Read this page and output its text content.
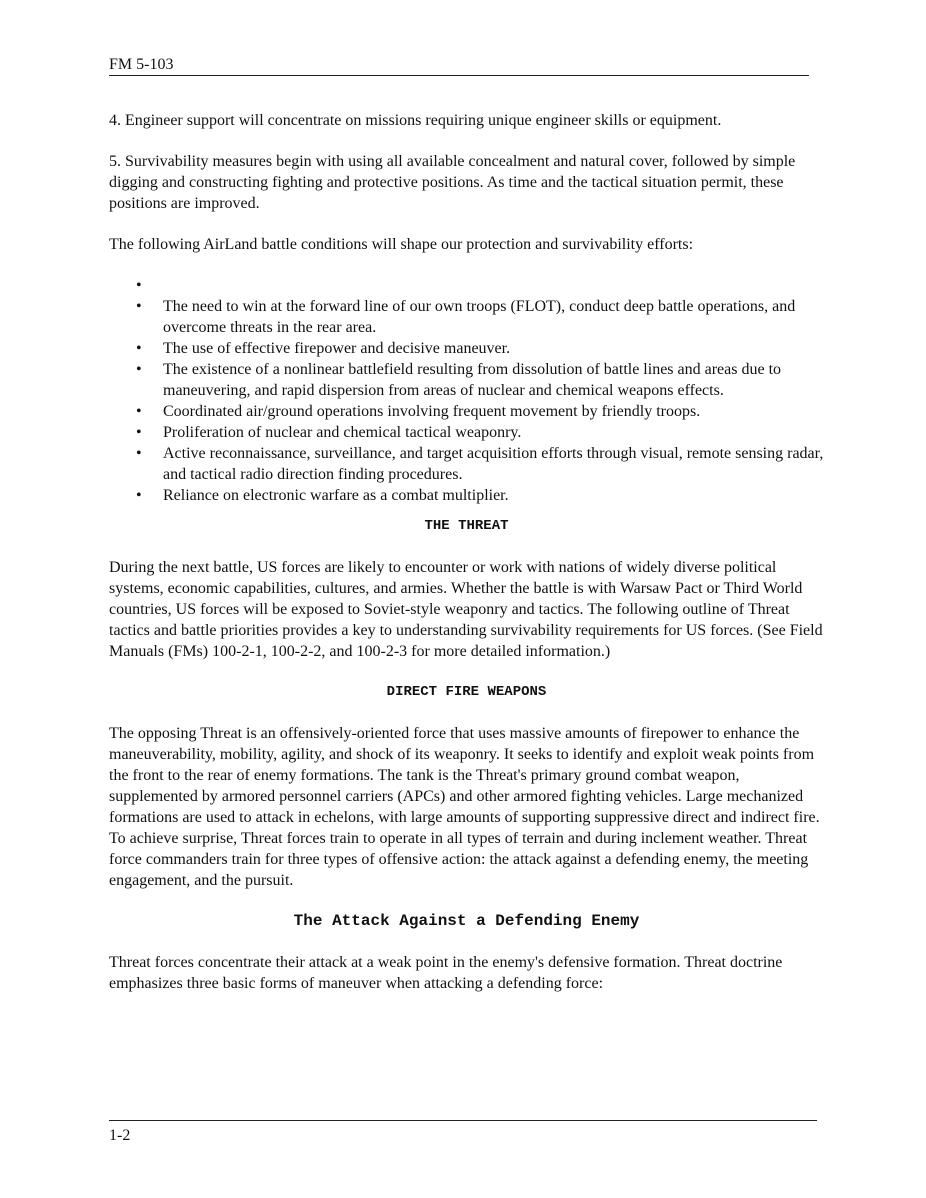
FM 5-103

4. Engineer support will concentrate on missions requiring unique engineer skills or equipment.

5. Survivability measures begin with using all available concealment and natural cover, followed by simple digging and constructing fighting and protective positions. As time and the tactical situation permit, these positions are improved.

The following AirLand battle conditions will shape our protection and survivability efforts:

•
• The need to win at the forward line of our own troops (FLOT), conduct deep battle operations, and overcome threats in the rear area.
• The use of effective firepower and decisive maneuver.
• The existence of a nonlinear battlefield resulting from dissolution of battle lines and areas due to maneuvering, and rapid dispersion from areas of nuclear and chemical weapons effects.
• Coordinated air/ground operations involving frequent movement by friendly troops.
• Proliferation of nuclear and chemical tactical weaponry.
• Active reconnaissance, surveillance, and target acquisition efforts through visual, remote sensing radar, and tactical radio direction finding procedures.
• Reliance on electronic warfare as a combat multiplier.
THE THREAT

During the next battle, US forces are likely to encounter or work with nations of widely diverse political systems, economic capabilities, cultures, and armies. Whether the battle is with Warsaw Pact or Third World countries, US forces will be exposed to Soviet-style weaponry and tactics. The following outline of Threat tactics and battle priorities provides a key to understanding survivability requirements for US forces. (See Field Manuals (FMs) 100-2-1, 100-2-2, and 100-2-3 for more detailed information.)

DIRECT FIRE WEAPONS

The opposing Threat is an offensively-oriented force that uses massive amounts of firepower to enhance the maneuverability, mobility, agility, and shock of its weaponry. It seeks to identify and exploit weak points from the front to the rear of enemy formations. The tank is the Threat's primary ground combat weapon, supplemented by armored personnel carriers (APCs) and other armored fighting vehicles. Large mechanized formations are used to attack in echelons, with large amounts of supporting suppressive direct and indirect fire. To achieve surprise, Threat forces train to operate in all types of terrain and during inclement weather. Threat force commanders train for three types of offensive action: the attack against a defending enemy, the meeting engagement, and the pursuit.

The Attack Against a Defending Enemy

Threat forces concentrate their attack at a weak point in the enemy's defensive formation. Threat doctrine emphasizes three basic forms of maneuver when attacking a defending force:

1-2
